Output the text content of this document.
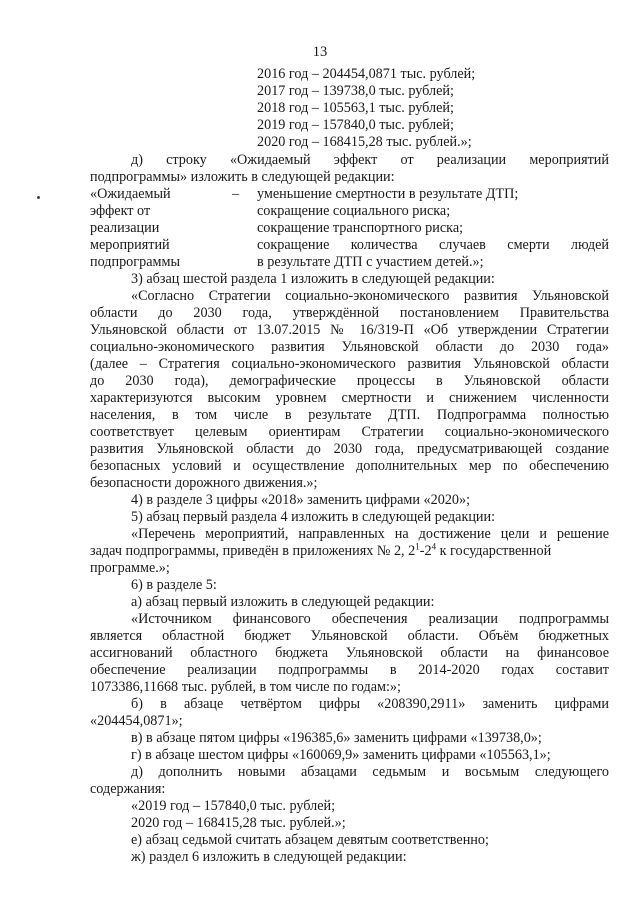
13
2016 год – 204454,0871 тыс. рублей;
2017 год – 139738,0 тыс. рублей;
2018 год – 105563,1 тыс. рублей;
2019 год – 157840,0 тыс. рублей;
2020 год – 168415,28 тыс. рублей.»;
д) строку «Ожидаемый эффект от реализации мероприятий
подпрограммы» изложить в следующей редакции:
«Ожидаемый
эффект от
реализации
мероприятий
подпрограммы
– уменьшение смертности в результате ДТП;
сокращение социального риска;
сокращение транспортного риска;
сокращение количества случаев смерти людей
в результате ДТП с участием детей.»;
3) абзац шестой раздела 1 изложить в следующей редакции:
«Согласно Стратегии социально-экономического развития Ульяновской
области до 2030 года, утверждённой постановлением Правительства
Ульяновской области от 13.07.2015 № 16/319-П «Об утверждении Стратегии
социально-экономического развития Ульяновской области до 2030 года»
(далее – Стратегия социально-экономического развития Ульяновской области
до 2030 года), демографические процессы в Ульяновской области
характеризуются высоким уровнем смертности и снижением численности
населения, в том числе в результате ДТП. Подпрограмма полностью
соответствует целевым ориентирам Стратегии социально-экономического
развития Ульяновской области до 2030 года, предусматривающей создание
безопасных условий и осуществление дополнительных мер по обеспечению
безопасности дорожного движения.»;
4) в разделе 3 цифры «2018» заменить цифрами «2020»;
5) абзац первый раздела 4 изложить в следующей редакции:
«Перечень мероприятий, направленных на достижение цели и решение
задач подпрограммы, приведён в приложениях № 2, $2^1-2^4$ к государственной
программе.»;
6) в разделе 5:
а) абзац первый изложить в следующей редакции:
«Источником финансового обеспечения реализации подпрограммы
является областной бюджет Ульяновской области. Объём бюджетных
ассигнований областного бюджета Ульяновской области на финансовое
обеспечение реализации подпрограммы в 2014-2020 годах составит
1073386,11668 тыс. рублей, в том числе по годам:»;
б) в абзаце четвёртом цифры «208390,2911» заменить цифрами
«204454,0871»;
в) в абзаце пятом цифры «196385,6» заменить цифрами «139738,0»;
г) в абзаце шестом цифры «160069,9» заменить цифрами «105563,1»;
д) дополнить новыми абзацами седьмым и восьмым следующего
содержания:
«2019 год – 157840,0 тыс. рублей;
2020 год – 168415,28 тыс. рублей.»;
е) абзац седьмой считать абзацем девятым соответственно;
ж) раздел 6 изложить в следующей редакции:
